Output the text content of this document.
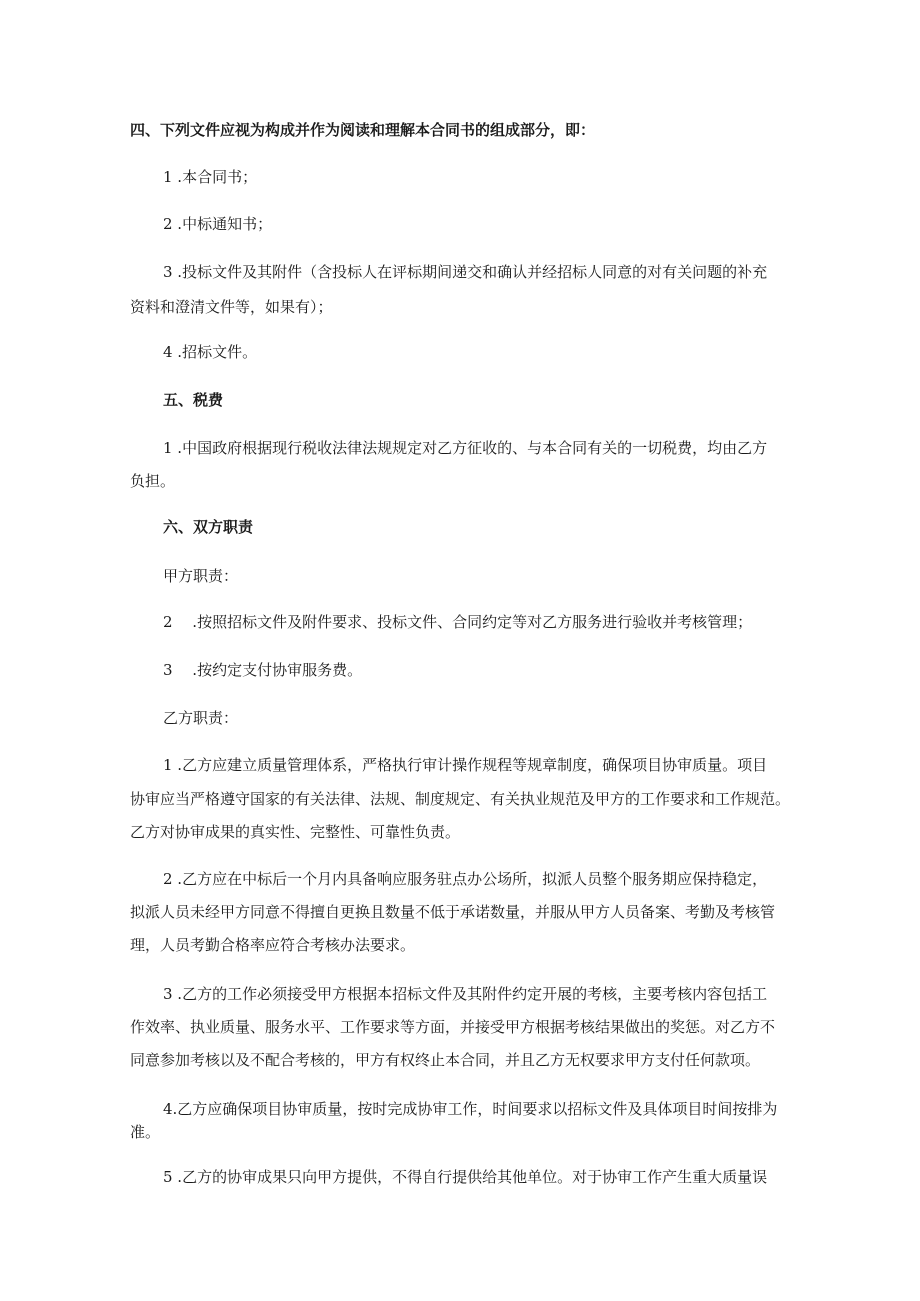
四、下列文件应视为构成并作为阅读和理解本合同书的组成部分，即：
1 .本合同书；
2 .中标通知书；
3 .投标文件及其附件（含投标人在评标期间递交和确认并经招标人同意的对有关问题的补充
资料和澄清文件等，如果有）；
4 .招标文件。
五、税费
1 .中国政府根据现行税收法律法规规定对乙方征收的、与本合同有关的一切税费，均由乙方
负担。
六、双方职责
甲方职责：
2 　.按照招标文件及附件要求、投标文件、合同约定等对乙方服务进行验收并考核管理；
3 　.按约定支付协审服务费。
乙方职责：
1 .乙方应建立质量管理体系，严格执行审计操作规程等规章制度，确保项目协审质量。项目
协审应当严格遵守国家的有关法律、法规、制度规定、有关执业规范及甲方的工作要求和工作规范。
乙方对协审成果的真实性、完整性、可靠性负责。
2 .乙方应在中标后一个月内具备响应服务驻点办公场所，拟派人员整个服务期应保持稳定，
拟派人员未经甲方同意不得擅自更换且数量不低于承诺数量，并服从甲方人员备案、考勤及考核管
理，人员考勤合格率应符合考核办法要求。
3 .乙方的工作必须接受甲方根据本招标文件及其附件约定开展的考核，主要考核内容包括工
作效率、执业质量、服务水平、工作要求等方面，并接受甲方根据考核结果做出的奖惩。对乙方不
同意参加考核以及不配合考核的，甲方有权终止本合同，并且乙方无权要求甲方支付任何款项。
4.乙方应确保项目协审质量，按时完成协审工作，时间要求以招标文件及具体项目时间按排为
准。
5 .乙方的协审成果只向甲方提供，不得自行提供给其他单位。对于协审工作产生重大质量误
